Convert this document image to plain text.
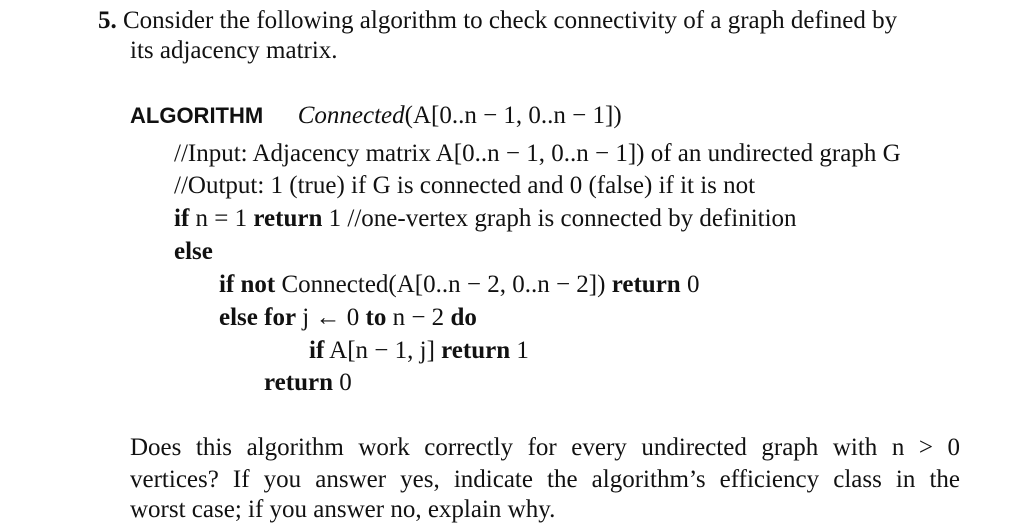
5. Consider the following algorithm to check connectivity of a graph defined by
its adjacency matrix.
ALGORITHM Connected(A[0..n − 1, 0..n − 1])
//Input: Adjacency matrix A[0..n − 1, 0..n − 1]) of an undirected graph G
//Output: 1 (true) if G is connected and 0 (false) if it is not
if n = 1 return 1 //one-vertex graph is connected by definition
else
if not Connected(A[0..n − 2, 0..n − 2]) return 0
else for j ← 0 to n − 2 do
if A[n − 1, j] return 1
return 0
Does this algorithm work correctly for every undirected graph with n > 0
vertices? If you answer yes, indicate the algorithm’s efficiency class in the
worst case; if you answer no, explain why.
